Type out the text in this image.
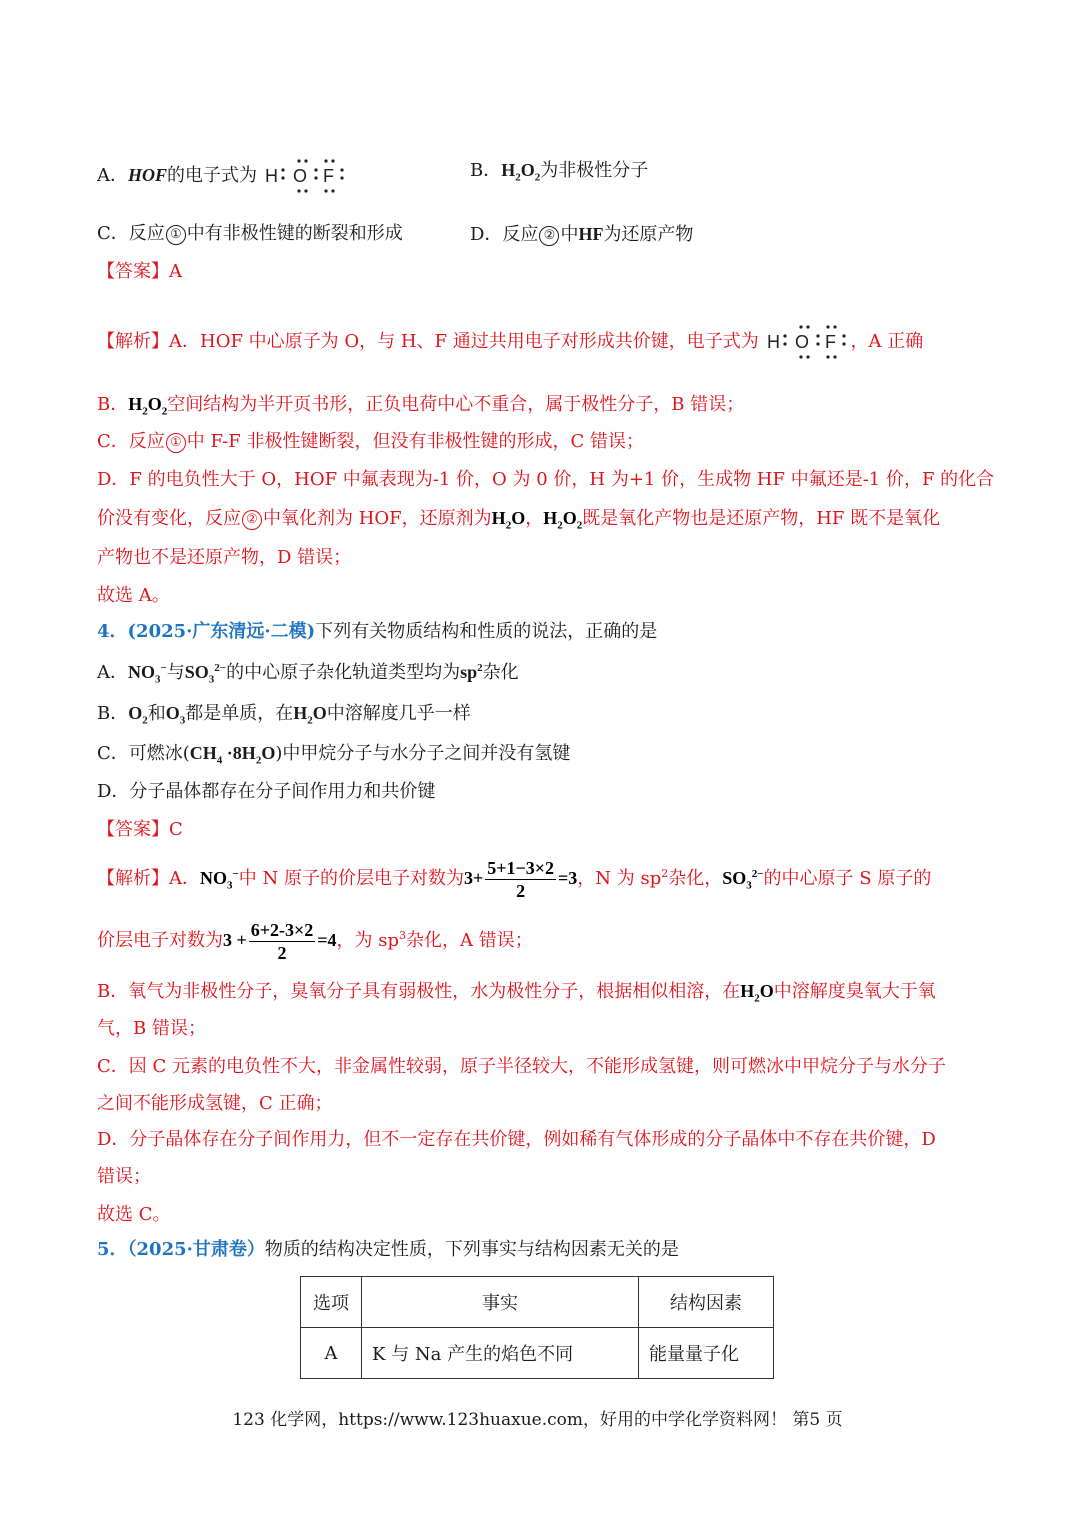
A．HOF的电子式为 H O F	B．$H_2O_2$为非极性分子
C．反应 ① 中有非极性键的断裂和形成	D．反应 ② 中HF为还原产物
【答案】A
【解析】A．HOF 中心原子为 O，与 H、F 通过共用电子对形成共价键，电子式为 H O F ，A 正确
B．$H_2O_2$空间结构为半开页书形，正负电荷中心不重合，属于极性分子，B 错误；
C．反应 ① 中 F-F 非极性键断裂，但没有非极性键的形成，C 错误；
D．F 的电负性大于 O，HOF 中氟表现为-1 价，O 为 0 价，H 为+1 价，生成物 HF 中氟还是-1 价，F 的化合
价没有变化，反应 ② 中氧化剂为 HOF，还原剂为$H_2O$，$H_2O_2$既是氧化产物也是还原产物，HF 既不是氧化
产物也不是还原产物，D 错误；
故选 A。
4．(2025·广东清远·二模)下列有关物质结构和性质的说法，正确的是
A．$NO_3^-$与$SO_3^{2-}$的中心原子杂化轨道类型均为$sp^2$杂化
B．$O_2$和$O_3$都是单质，在$H_2O$中溶解度几乎一样
C．可燃冰$(CH_4 \cdot 8H_2O)$中甲烷分子与水分子之间并没有氢键
D．分子晶体都存在分子间作用力和共价键
【答案】C
【解析】A．$NO_3^-$中 N 原子的价层电子对数为$3+ \frac{5+1-3\times 2}{2} =3$，N 为 $sp^2$杂化，$SO_3^{2-}$的中心原子 S 原子的
价层电子对数为$3 + \frac{6+2-3\times 2}{2} =4$，为 $sp^3$杂化，A 错误；
B．氧气为非极性分子，臭氧分子具有弱极性，水为极性分子，根据相似相溶，在$H_2O$中溶解度臭氧大于氧
气，B 错误；
C．因 C 元素的电负性不大，非金属性较弱，原子半径较大，不能形成氢键，则可燃冰中甲烷分子与水分子
之间不能形成氢键，C 正确；
D．分子晶体存在分子间作用力，但不一定存在共价键，例如稀有气体形成的分子晶体中不存在共价键，D
错误；
故选 C。
5．（2025·甘肃卷）物质的结构决定性质，下列事实与结构因素无关的是
选项	事实	结构因素
A	K 与 Na 产生的焰色不同	能量量子化
123 化学网，https://www.123huaxue.com，好用的中学化学资料网！ 第5 页
